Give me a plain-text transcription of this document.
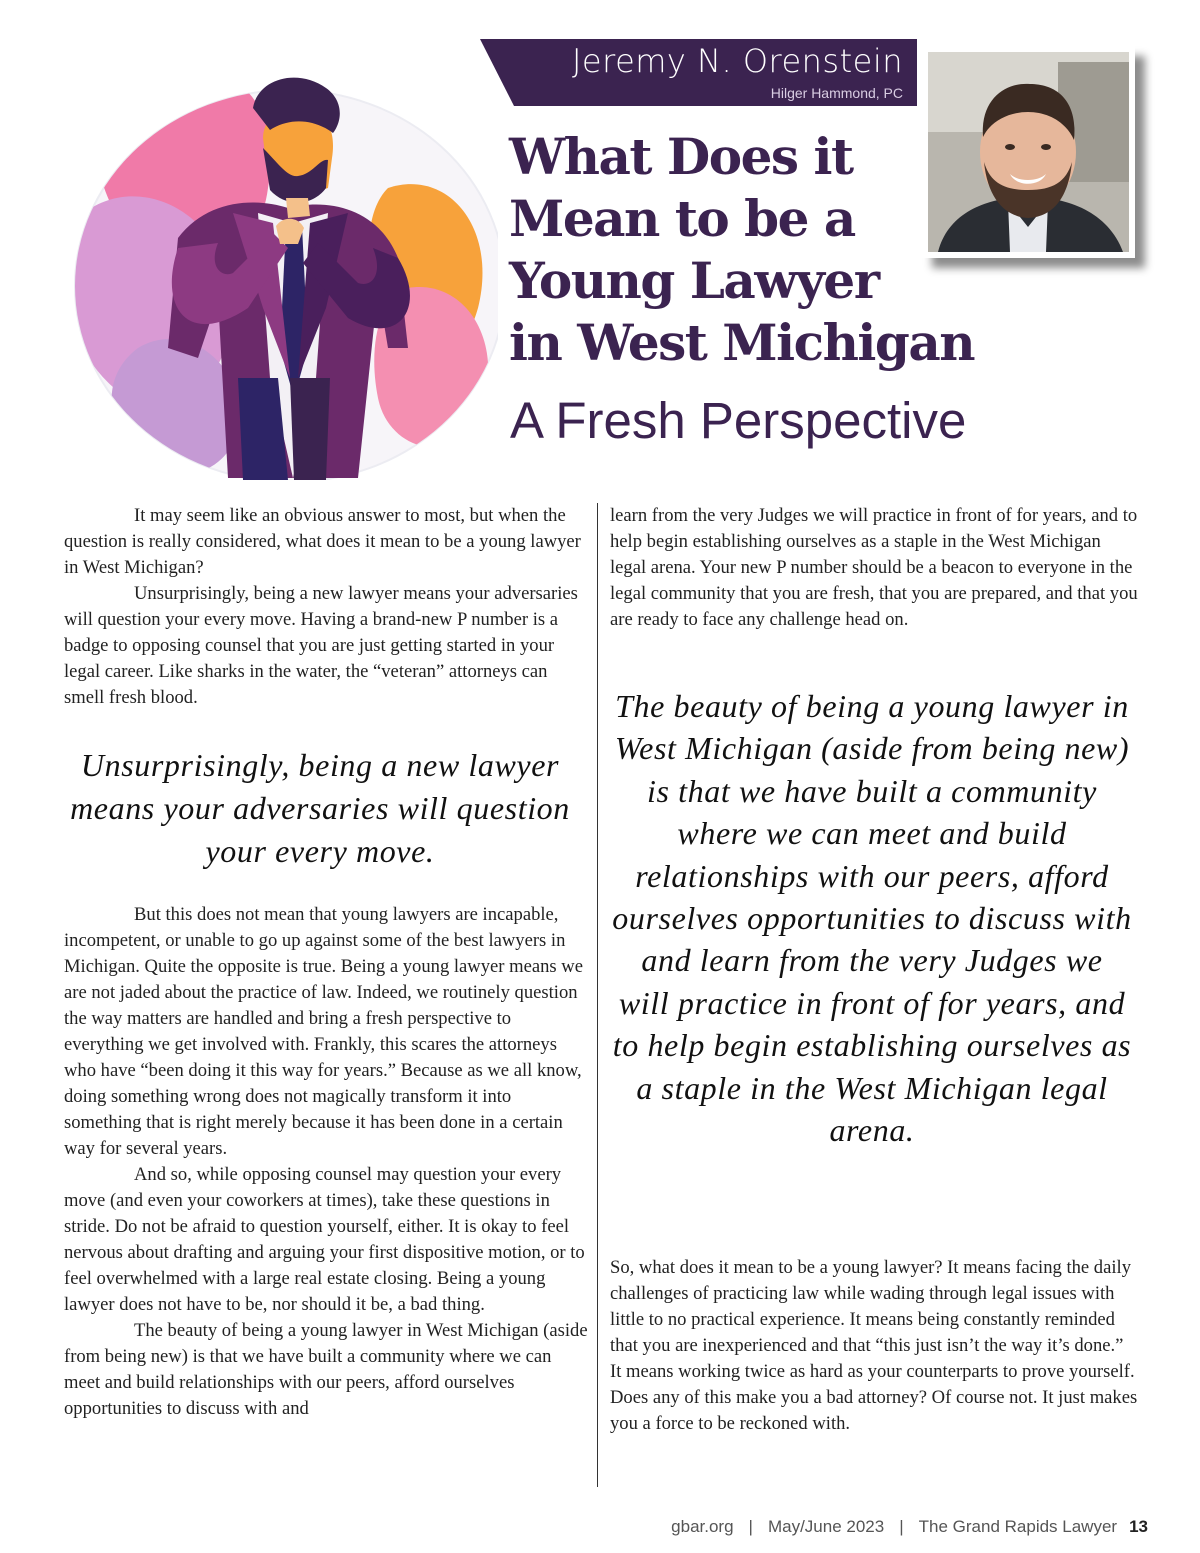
Jeremy N. Orenstein
Hilger Hammond, PC
What Does it
Mean to be a
Young Lawyer
in West Michigan
A Fresh Perspective

It may seem like an obvious answer to most, but when the question is really considered, what does it mean to be a young lawyer in West Michigan?

Unsurprisingly, being a new lawyer means your adversaries will question your every move. Having a brand-new P number is a badge to opposing counsel that you are just getting started in your legal career. Like sharks in the water, the “veteran” attorneys can smell fresh blood.

Unsurprisingly, being a new lawyer means your adversaries will question your every move.

But this does not mean that young lawyers are incapable, incompetent, or unable to go up against some of the best lawyers in Michigan. Quite the opposite is true. Being a young lawyer means we are not jaded about the practice of law. Indeed, we routinely question the way matters are handled and bring a fresh perspective to everything we get involved with. Frankly, this scares the attorneys who have “been doing it this way for years.” Because as we all know, doing something wrong does not magically transform it into something that is right merely because it has been done in a certain way for several years.

And so, while opposing counsel may question your every move (and even your coworkers at times), take these questions in stride. Do not be afraid to question yourself, either. It is okay to feel nervous about drafting and arguing your first dispositive motion, or to feel overwhelmed with a large real estate closing. Being a young lawyer does not have to be, nor should it be, a bad thing.

The beauty of being a young lawyer in West Michigan (aside from being new) is that we have built a community where we can meet and build relationships with our peers, afford ourselves opportunities to discuss with and

learn from the very Judges we will practice in front of for years, and to help begin establishing ourselves as a staple in the West Michigan legal arena. Your new P number should be a beacon to everyone in the legal community that you are fresh, that you are prepared, and that you are ready to face any challenge head on.

The beauty of being a young lawyer in West Michigan (aside from being new) is that we have built a community where we can meet and build relationships with our peers, afford ourselves opportunities to discuss with and learn from the very Judges we will practice in front of for years, and to help begin establishing ourselves as a staple in the West Michigan legal arena.

So, what does it mean to be a young lawyer? It means facing the daily challenges of practicing law while wading through legal issues with little to no practical experience. It means being constantly reminded that you are inexperienced and that “this just isn’t the way it’s done.” It means working twice as hard as your counterparts to prove yourself. Does any of this make you a bad attorney? Of course not. It just makes you a force to be reckoned with.

gbar.org | May/June 2023 | The Grand Rapids Lawyer 13
